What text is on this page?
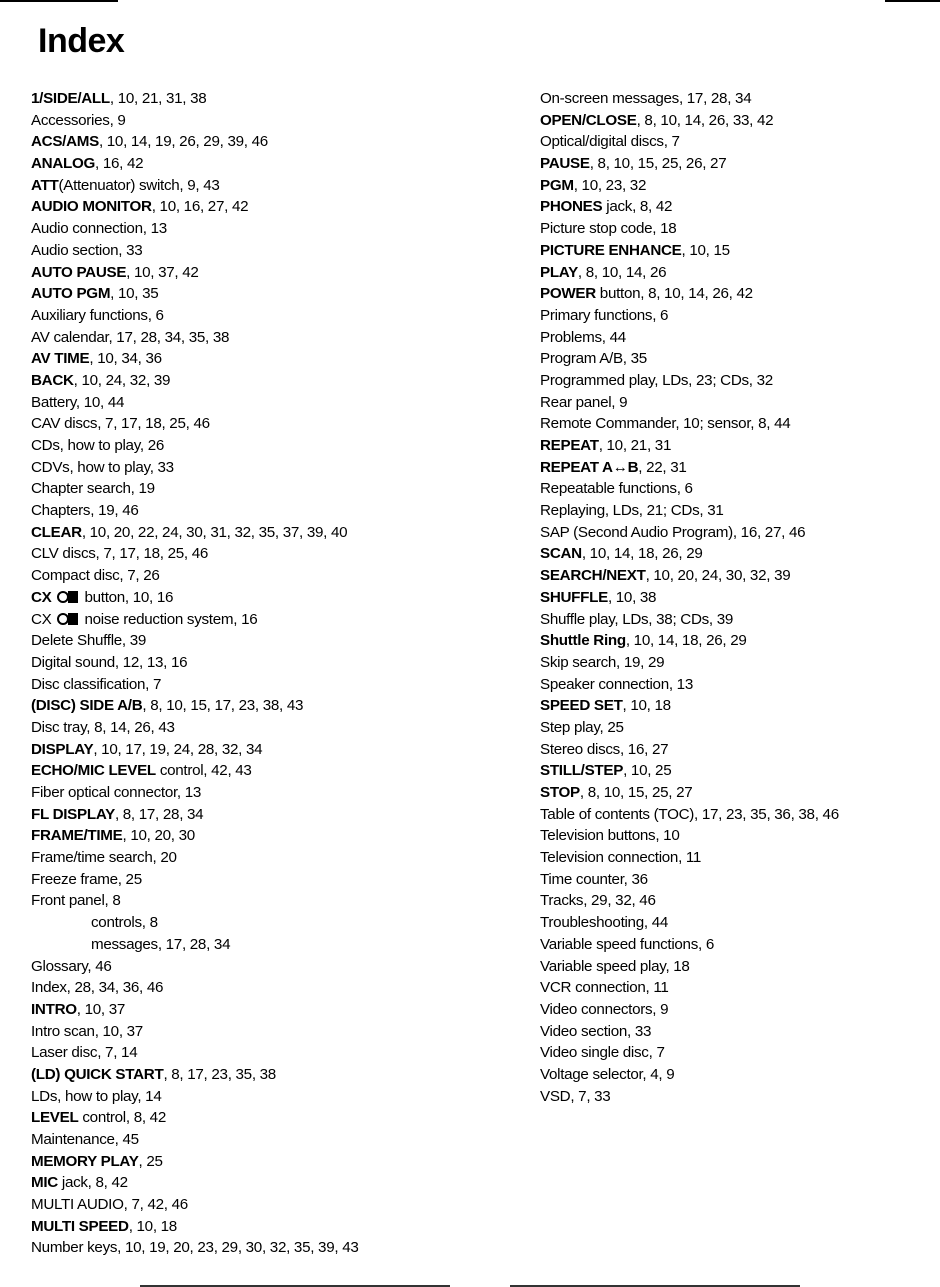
Index
1/SIDE/ALL, 10, 21, 31, 38
Accessories, 9
ACS/AMS, 10, 14, 19, 26, 29, 39, 46
ANALOG, 16, 42
ATT(Attenuator) switch, 9, 43
AUDIO MONITOR, 10, 16, 27, 42
Audio connection, 13
Audio section, 33
AUTO PAUSE, 10, 37, 42
AUTO PGM, 10, 35
Auxiliary functions, 6
AV calendar, 17, 28, 34, 35, 38
AV TIME, 10, 34, 36
BACK, 10, 24, 32, 39
Battery, 10, 44
CAV discs, 7, 17, 18, 25, 46
CDs, how to play, 26
CDVs, how to play, 33
Chapter search, 19
Chapters, 19, 46
CLEAR, 10, 20, 22, 24, 30, 31, 32, 35, 37, 39, 40
CLV discs, 7, 17, 18, 25, 46
Compact disc, 7, 26
CX button, 10, 16
CX noise reduction system, 16
Delete Shuffle, 39
Digital sound, 12, 13, 16
Disc classification, 7
(DISC) SIDE A/B, 8, 10, 15, 17, 23, 38, 43
Disc tray, 8, 14, 26, 43
DISPLAY, 10, 17, 19, 24, 28, 32, 34
ECHO/MIC LEVEL control, 42, 43
Fiber optical connector, 13
FL DISPLAY, 8, 17, 28, 34
FRAME/TIME, 10, 20, 30
Frame/time search, 20
Freeze frame, 25
Front panel, 8
controls, 8
messages, 17, 28, 34
Glossary, 46
Index, 28, 34, 36, 46
INTRO, 10, 37
Intro scan, 10, 37
Laser disc, 7, 14
(LD) QUICK START, 8, 17, 23, 35, 38
LDs, how to play, 14
LEVEL control, 8, 42
Maintenance, 45
MEMORY PLAY, 25
MIC jack, 8, 42
MULTI AUDIO, 7, 42, 46
MULTI SPEED, 10, 18
Number keys, 10, 19, 20, 23, 29, 30, 32, 35, 39, 43
On-screen messages, 17, 28, 34
OPEN/CLOSE, 8, 10, 14, 26, 33, 42
Optical/digital discs, 7
PAUSE, 8, 10, 15, 25, 26, 27
PGM, 10, 23, 32
PHONES jack, 8, 42
Picture stop code, 18
PICTURE ENHANCE, 10, 15
PLAY, 8, 10, 14, 26
POWER button, 8, 10, 14, 26, 42
Primary functions, 6
Problems, 44
Program A/B, 35
Programmed play, LDs, 23; CDs, 32
Rear panel, 9
Remote Commander, 10; sensor, 8, 44
REPEAT, 10, 21, 31
REPEAT A↔B, 22, 31
Repeatable functions, 6
Replaying, LDs, 21; CDs, 31
SAP (Second Audio Program), 16, 27, 46
SCAN, 10, 14, 18, 26, 29
SEARCH/NEXT, 10, 20, 24, 30, 32, 39
SHUFFLE, 10, 38
Shuffle play, LDs, 38; CDs, 39
Shuttle Ring, 10, 14, 18, 26, 29
Skip search, 19, 29
Speaker connection, 13
SPEED SET, 10, 18
Step play, 25
Stereo discs, 16, 27
STILL/STEP, 10, 25
STOP, 8, 10, 15, 25, 27
Table of contents (TOC), 17, 23, 35, 36, 38, 46
Television buttons, 10
Television connection, 11
Time counter, 36
Tracks, 29, 32, 46
Troubleshooting, 44
Variable speed functions, 6
Variable speed play, 18
VCR connection, 11
Video connectors, 9
Video section, 33
Video single disc, 7
Voltage selector, 4, 9
VSD, 7, 33
